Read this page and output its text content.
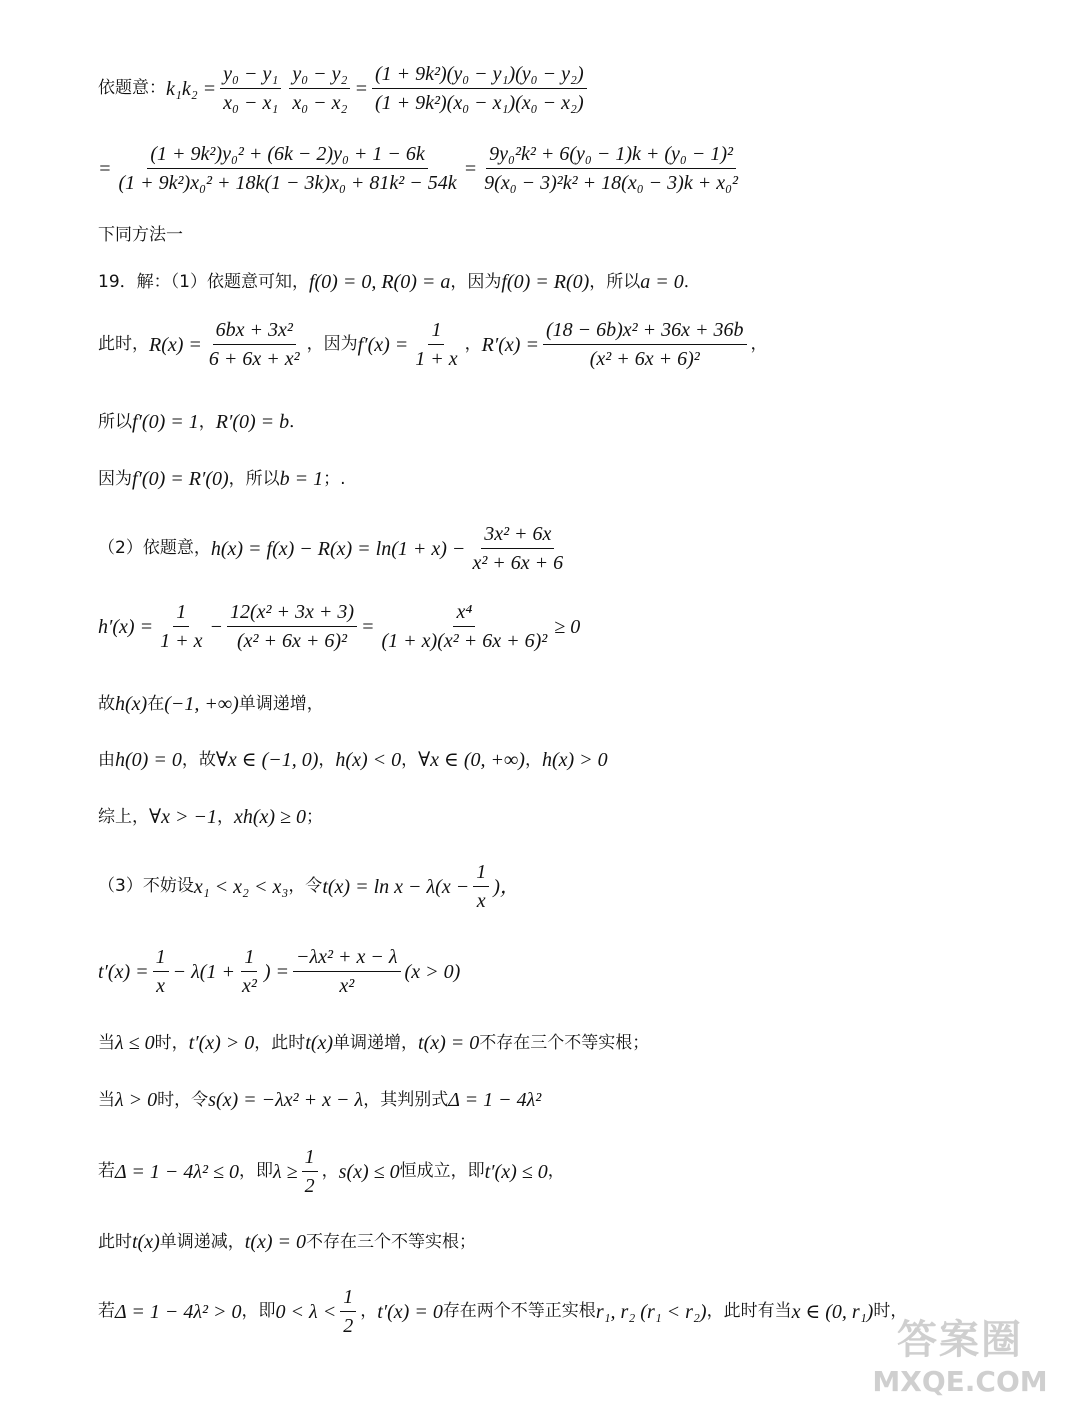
依题意： $k_1k_2 = \frac{\text{y₀ − y₁}}{\text{x₀ − x₁}} \frac{\text{y₀ − y₂}}{\text{x₀ − x₂}} = \frac{\text{(1 + 9k²)(y₀ − y₁)(y₀ − y₂)}}{\text{(1 + 9k²)(x₀ − x₁)(x₀ − x₂)}}$
= $\frac{\text{(1 + 9k²)y₀² + (6k − 2)y₀ + 1 − 6k}}{\text{(1 + 9k²)x₀² + 18k(1 − 3k)x₀ + 81k² − 54k}} = \frac{\text{9y₀²k² + 6(y₀ − 1)k + (y₀ − 1)²}}{\text{9(x₀ − 3)²k² + 18(x₀ − 3)k + x₀²}}$
下同方法一
19．解：（1）依题意可知， f(0) = 0, R(0) = a ，因为 f(0) = R(0) ，所以 a = 0 ．
此时， $R(x) = \frac{\text{6bx + 3x²}}{\text{6 + 6x + x²}}$ ，因为 $f'(x) = \frac{1}{1 + x}$ ， $R'(x) = \frac{\text{(18 − 6b)x² + 36x + 36b}}{\text{(x² + 6x + 6)²}}$ ，
所以 f′(0) = 1 ， R′(0) = b ．
因为 f′(0) = R′(0) ，所以 b = 1 ；.
（2）依题意， $h(x) = f(x) - R(x) = \ln(1 + x) - \frac{\text{3x² + 6x}}{\text{x² + 6x + 6}}$
$h'(x) = \frac{1}{1 + x} - \frac{\text{12(x² + 3x + 3)}}{\text{(x² + 6x + 6)²}} = \frac{\text{x⁴}}{\text{(1 + x)(x² + 6x + 6)²}} \ge 0$
故 h(x) 在 (−1, +∞) 单调递增，
由 h(0) = 0 ，故 ∀x ∈ (−1, 0) ， h(x) < 0 ， ∀x ∈ (0, +∞) ， h(x) > 0
综上， ∀x > −1 ， xh(x) ≥ 0 ；
（3）不妨设 x₁ < x₂ < x₃ ，令 $t(x) = \ln x - \lambda(x - \frac{1}{x}$ )，
$t'(x) = \frac{1}{x} - \lambda(1 + \frac{1}{\text{x²}}$ ) = $\frac{\text{−λx² + x − λ}}{\text{x²}} (x > 0)$
当 λ ≤ 0 时， t′(x) > 0 ，此时 t(x) 单调递增， t(x) = 0 不存在三个不等实根；
当 λ > 0 时，令 s(x) = −λx² + x − λ ，其判别式 Δ = 1 − 4λ²
若 Δ = 1 − 4λ² ≤ 0 ，即 $\lambda \ge \frac{1}{2}$ ， s(x) ≤ 0 恒成立，即 t′(x) ≤ 0 ，
此时 t(x) 单调递减， t(x) = 0 不存在三个不等实根；
若 Δ = 1 − 4λ² > 0 ，即 $0 < \lambda < \frac{1}{2}$ ， t′(x) = 0 存在两个不等正实根 r₁, r₂ (r₁ < r₂) ，此时有当 x ∈ (0, r₁) 时，
答案圈
MXQE.COM
